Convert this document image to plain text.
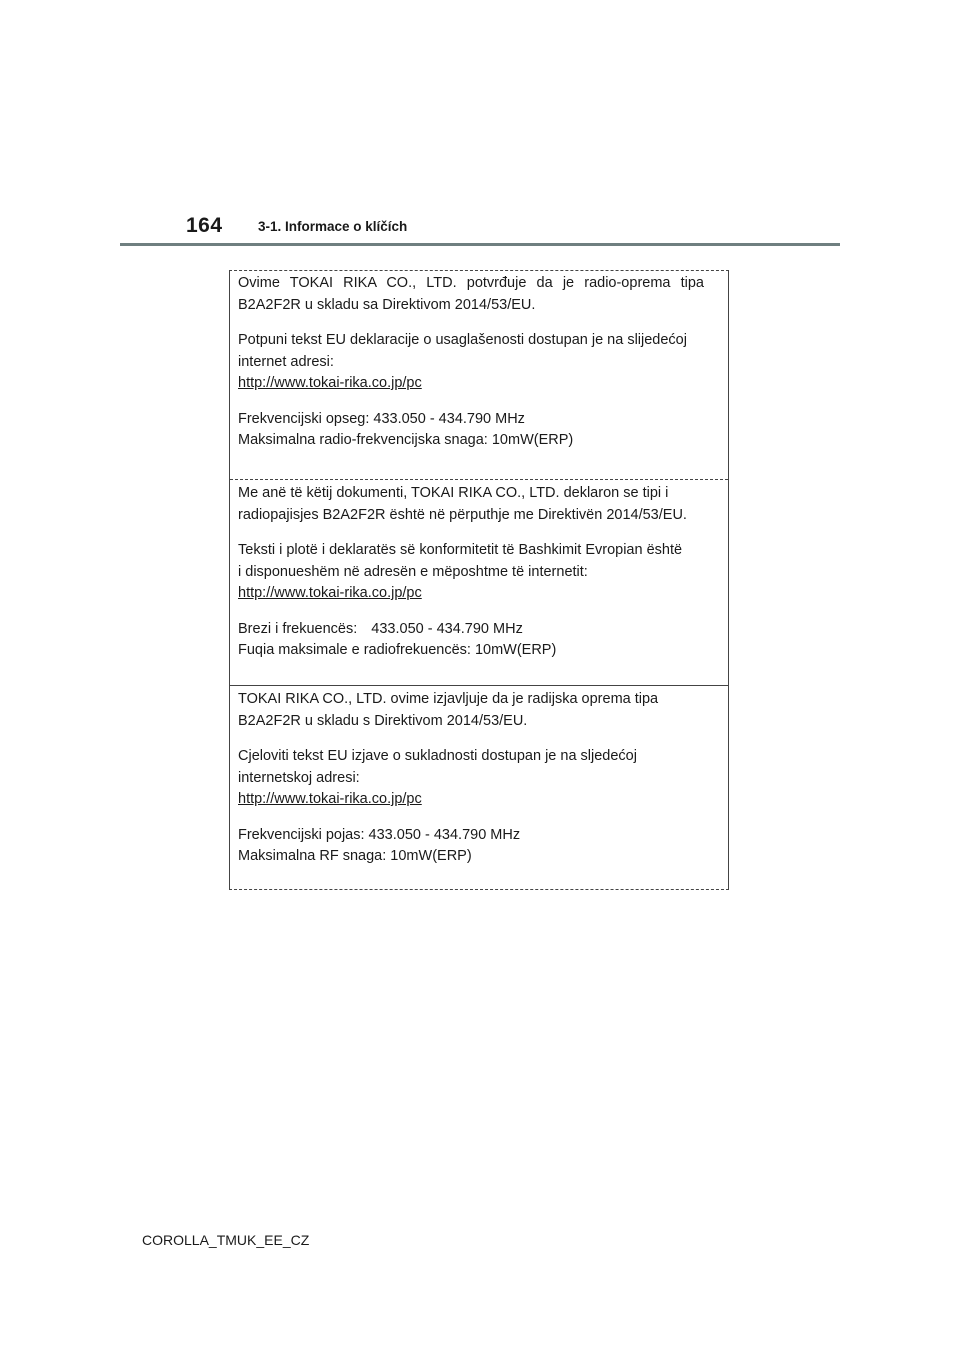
164	3-1. Informace o klíčích

Ovime TOKAI RIKA CO., LTD. potvrđuje da je radio-oprema tipa

B2A2F2R u skladu sa Direktivom 2014/53/EU.

Potpuni tekst EU deklaracije o usaglašenosti dostupan je na slijedećoj
internet adresi:
http://www.tokai-rika.co.jp/pc

Frekvencijski opseg: 433.050 - 434.790 MHz
Maksimalna radio-frekvencijska snaga: 10mW(ERP)

Me anë të këtij dokumenti, TOKAI RIKA CO., LTD. deklaron se tipi i
radiopajisjes B2A2F2R është në përputhje me Direktivën 2014/53/EU.

Teksti i plotë i deklaratës së konformitetit të Bashkimit Evropian është
i disponueshëm në adresën e mëposhtme të internetit:
http://www.tokai-rika.co.jp/pc

Brezi i frekuencës: 433.050 - 434.790 MHz
Fuqia maksimale e radiofrekuencës: 10mW(ERP)

TOKAI RIKA CO., LTD. ovime izjavljuje da je radijska oprema tipa
B2A2F2R u skladu s Direktivom 2014/53/EU.

Cjeloviti tekst EU izjave o sukladnosti dostupan je na sljedećoj
internetskoj adresi:
http://www.tokai-rika.co.jp/pc

Frekvencijski pojas: 433.050 - 434.790 MHz
Maksimalna RF snaga: 10mW(ERP)

COROLLA_TMUK_EE_CZ
